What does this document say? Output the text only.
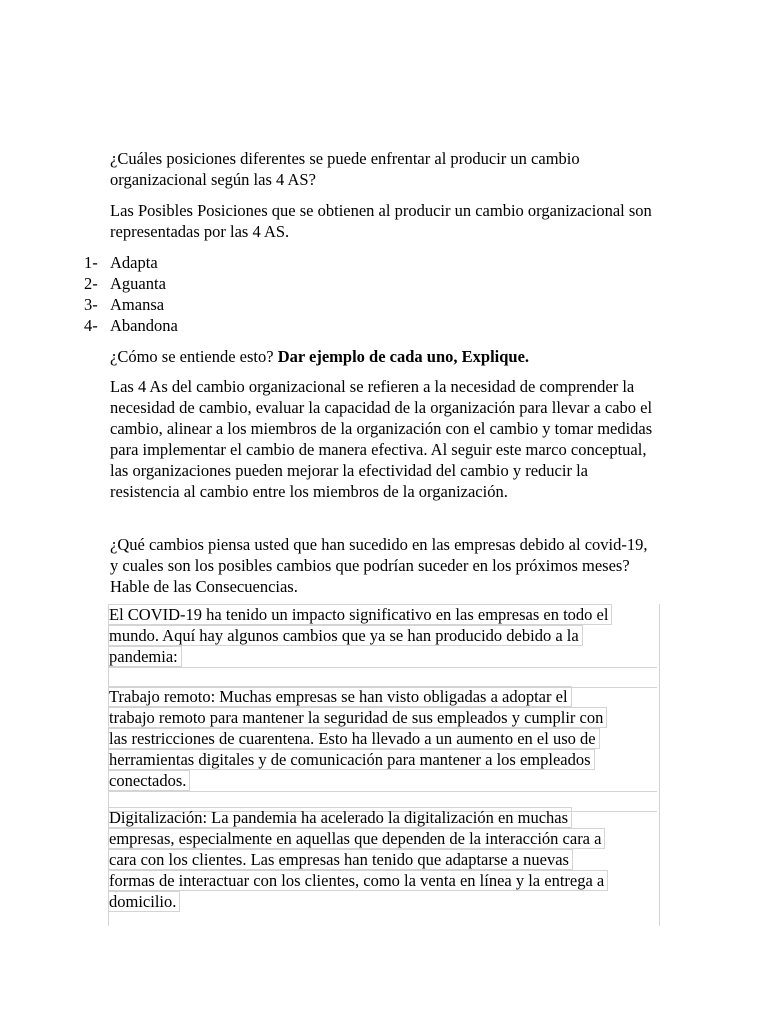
¿Cuáles posiciones diferentes se puede enfrentar al producir un cambio organizacional según las 4 AS?

Las Posibles Posiciones que se obtienen al producir un cambio organizacional son representadas por las 4 AS.

1- Adapta
2- Aguanta
3- Amansa
4- Abandona

¿Cómo se entiende esto? Dar ejemplo de cada uno, Explique.

Las 4 As del cambio organizacional se refieren a la necesidad de comprender la necesidad de cambio, evaluar la capacidad de la organización para llevar a cabo el cambio, alinear a los miembros de la organización con el cambio y tomar medidas para implementar el cambio de manera efectiva. Al seguir este marco conceptual, las organizaciones pueden mejorar la efectividad del cambio y reducir la resistencia al cambio entre los miembros de la organización.

¿Qué cambios piensa usted que han sucedido en las empresas debido al covid-19, y cuales son los posibles cambios que podrían suceder en los próximos meses? Hable de las Consecuencias.

El COVID-19 ha tenido un impacto significativo en las empresas en todo el
mundo. Aquí hay algunos cambios que ya se han producido debido a la
pandemia:
Trabajo remoto: Muchas empresas se han visto obligadas a adoptar el
trabajo remoto para mantener la seguridad de sus empleados y cumplir con
las restricciones de cuarentena. Esto ha llevado a un aumento en el uso de
herramientas digitales y de comunicación para mantener a los empleados
conectados.
Digitalización: La pandemia ha acelerado la digitalización en muchas
empresas, especialmente en aquellas que dependen de la interacción cara a
cara con los clientes. Las empresas han tenido que adaptarse a nuevas
formas de interactuar con los clientes, como la venta en línea y la entrega a
domicilio.
